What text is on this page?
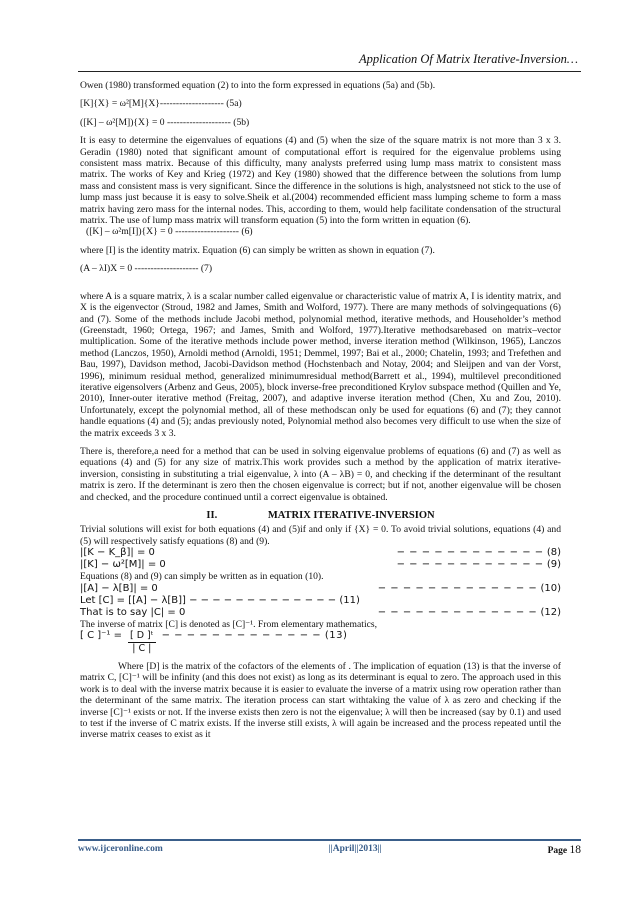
Application Of Matrix Iterative-Inversion…

Owen (1980) transformed equation (2) to into the form expressed in equations (5a) and (5b).

[K]{X} = ω²[M]{X}-------------------- (5a)

([K] – ω²[M]){X} = 0 -------------------- (5b)

It is easy to determine the eigenvalues of equations (4) and (5) when the size of the square matrix is not more than 3 x 3. Geradin (1980) noted that significant amount of computational effort is required for the eigenvalue problems using consistent mass matrix. Because of this difficulty, many analysts preferred using lump mass matrix to consistent mass matrix. The works of Key and Krieg (1972) and Key (1980) showed that the difference between the solutions from lump mass and consistent mass is very significant. Since the difference in the solutions is high, analystsneed not stick to the use of lump mass just because it is easy to solve.Sheik et al.(2004) recommended efficient mass lumping scheme to form a mass matrix having zero mass for the internal nodes. This, according to them, would help facilitate condensation of the structural matrix. The use of lump mass matrix will transform equation (5) into the form written in equation (6).

([K] – ω²m[I]){X} = 0 -------------------- (6)

where [I] is the identity matrix. Equation (6) can simply be written as shown in equation (7).

(A – λI)X = 0 -------------------- (7)

where A is a square matrix, λ is a scalar number called eigenvalue or characteristic value of matrix A, I is identity matrix, and X is the eigenvector (Stroud, 1982 and James, Smith and Wolford, 1977). There are many methods of solvingequations (6) and (7). Some of the methods include Jacobi method, polynomial method, iterative methods, and Householder’s method (Greenstadt, 1960; Ortega, 1967; and James, Smith and Wolford, 1977).Iterative methodsarebased on matrix–vector multiplication. Some of the iterative methods include power method, inverse iteration method (Wilkinson, 1965), Lanczos method (Lanczos, 1950), Arnoldi method (Arnoldi, 1951; Demmel, 1997; Bai et al., 2000; Chatelin, 1993; and Trefethen and Bau, 1997), Davidson method, Jacobi-Davidson method (Hochstenbach and Notay, 2004; and Sleijpen and van der Vorst, 1996), minimum residual method, generalized minimumresidual method(Barrett et al., 1994), multilevel preconditioned iterative eigensolvers (Arbenz and Geus, 2005), block inverse-free preconditioned Krylov subspace method (Quillen and Ye, 2010), Inner-outer iterative method (Freitag, 2007), and adaptive inverse iteration method (Chen, Xu and Zou, 2010). Unfortunately, except the polynomial method, all of these methodscan only be used for equations (6) and (7); they cannot handle equations (4) and (5); andas previously noted, Polynomial method also becomes very difficult to use when the size of the matrix exceeds 3 x 3.

There is, therefore,a need for a method that can be used in solving eigenvalue problems of equations (6) and (7) as well as equations (4) and (5) for any size of matrix.This work provides such a method by the application of matrix iterative-inversion, consisting in substituting a trial eigenvalue, λ into (A – λB) = 0, and checking if the determinant of the resultant matrix is zero. If the determinant is zero then the chosen eigenvalue is correct; but if not, another eigenvalue will be chosen and checked, and the procedure continued until a correct eigenvalue is obtained.

II.	MATRIX ITERATIVE-INVERSION

Trivial solutions will exist for both equations (4) and (5)if and only if {X} = 0. To avoid trivial solutions, equations (4) and (5) will respectively satisfy equations (8) and (9).

|[K − K_β]| = 0	− − − − − − − − − − − − (8)
|[K] − ω²[M]| = 0	− − − − − − − − − − − − (9)

Equations (8) and (9) can simply be written as in equation (10).

|[A] − λ[B]| = 0	− − − − − − − − − − − − − (10)
Let [C] = [[A] − λ[B]] − − − − − − − − − − − − − (11)
That is to say |C| = 0	− − − − − − − − − − − − − (12)

The inverse of matrix [C] is denoted as [C]⁻¹. From elementary mathematics,

[ C ]$^{-1} = \frac{\text{[ D ]ᵗ}}{| C |}$ − − − − − − − − − − − − − (13)

Where [D] is the matrix of the cofactors of the elements of . The implication of equation (13) is that the inverse of matrix C, [C]⁻¹ will be infinity (and this does not exist) as long as its determinant is equal to zero. The approach used in this work is to deal with the inverse matrix because it is easier to evaluate the inverse of a matrix using row operation rather than the determinant of the same matrix. The iteration process can start withtaking the value of λ as zero and checking if the inverse [C]⁻¹ exists or not. If the inverse exists then zero is not the eigenvalue; λ will then be increased (say by 0.1) and used to test if the inverse of C matrix exists. If the inverse still exists, λ will again be increased and the process repeated until the inverse matrix ceases to exist as it

www.ijceronline.com	||April||2013||	Page 18
